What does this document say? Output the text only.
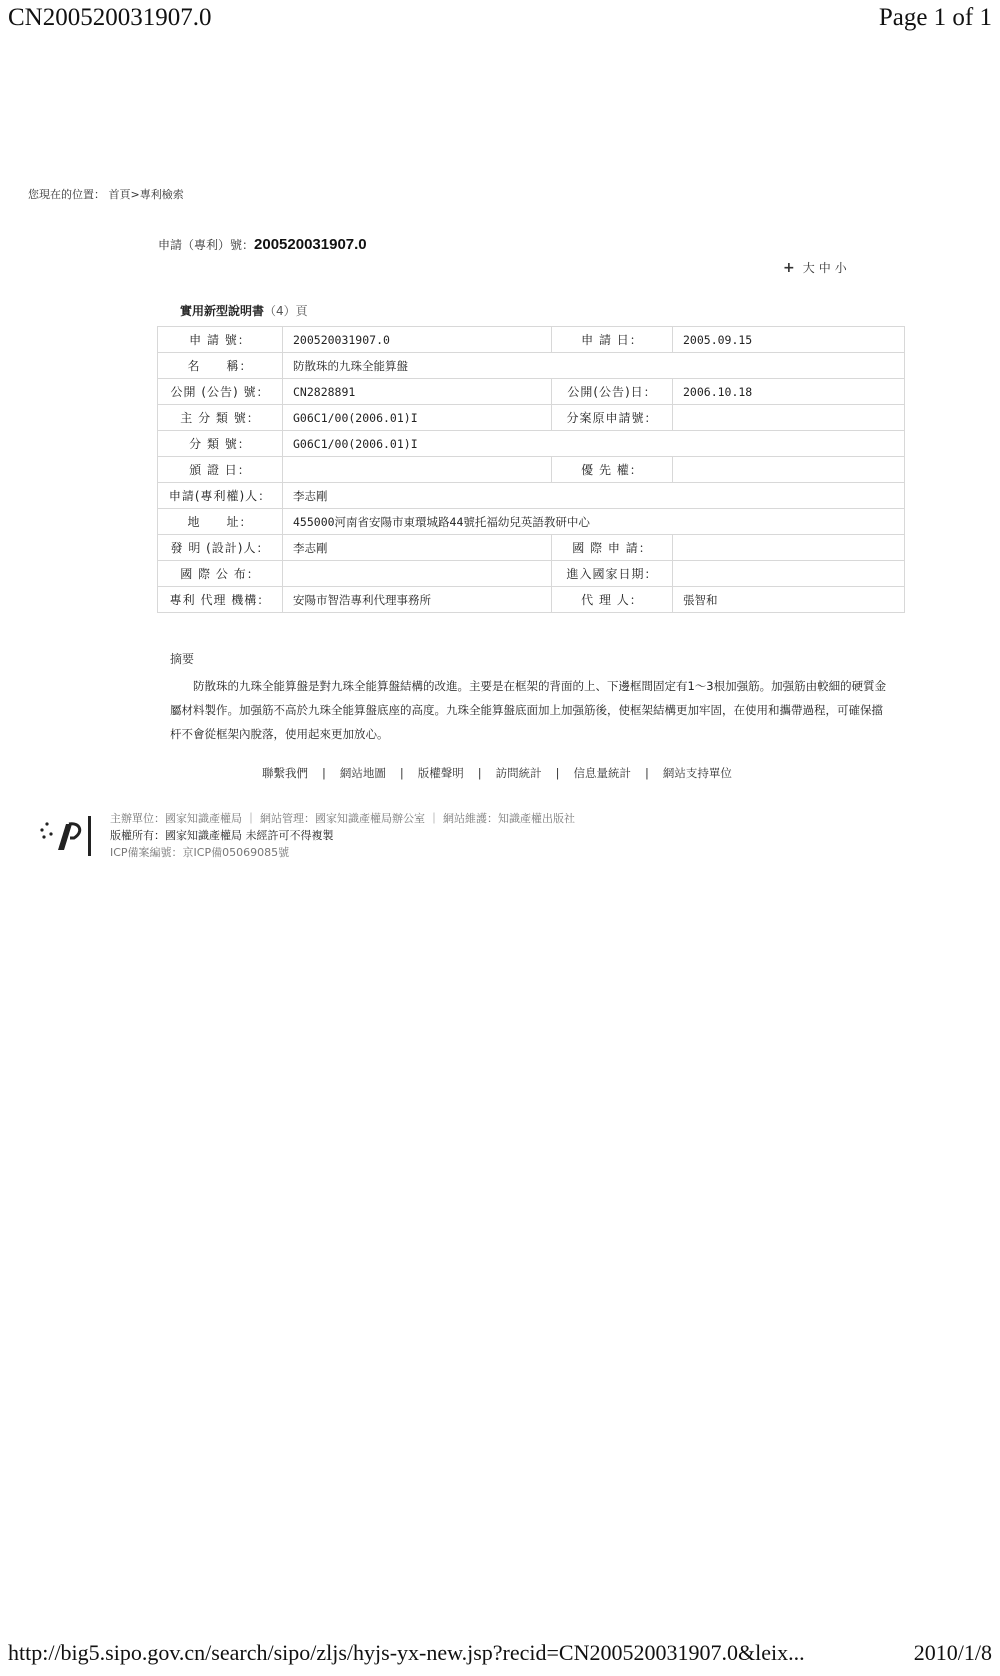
CN200520031907.0	Page 1 of 1
您現在的位置： 首頁>專利檢索
申請（專利）號：200520031907.0
+ 大 中 小
實用新型說明書（4）頁
申 請 號：	200520031907.0	申 請 日：	2005.09.15
名　　稱：	防散珠的九珠全能算盤		
公開 (公告) 號：	CN2828891	公開(公告)日：	2006.10.18
主 分 類 號：	G06C1/00(2006.01)I	分案原申請號：	
分 類 號：	G06C1/00(2006.01)I		
頒 證 日：		優 先 權：	
申請(專利權)人：	李志剛		
地　　址：	455000河南省安陽市東環城路44號托福幼兒英語教研中心		
發 明 (設計)人：	李志剛	國 際 申 請：	
國 際 公 布：		進入國家日期：	
專利 代理 機構：	安陽市智浩專利代理事務所	代 理 人：	張智和
摘要
防散珠的九珠全能算盤是對九珠全能算盤結構的改進。主要是在框架的背面的上、下邊框間固定有1～3根加强筋。加强筋由較細的硬質金屬材料製作。加强筋不高於九珠全能算盤底座的高度。九珠全能算盤底面加上加强筋後，使框架結構更加牢固，在使用和攜帶過程，可確保擋杆不會從框架內脫落，使用起來更加放心。
聯繫我們 | 網站地圖 | 版權聲明 | 訪問統計 | 信息量統計 | 網站支持單位
主辦單位：國家知識產權局 ｜ 網站管理：國家知識產權局辦公室 ｜ 網站維護：知識產權出版社
版權所有：國家知識產權局 未經許可不得複製
ICP備案編號：京ICP備05069085號
http://big5.sipo.gov.cn/search/sipo/zljs/hyjs-yx-new.jsp?recid=CN200520031907.0&leix...	2010/1/8
